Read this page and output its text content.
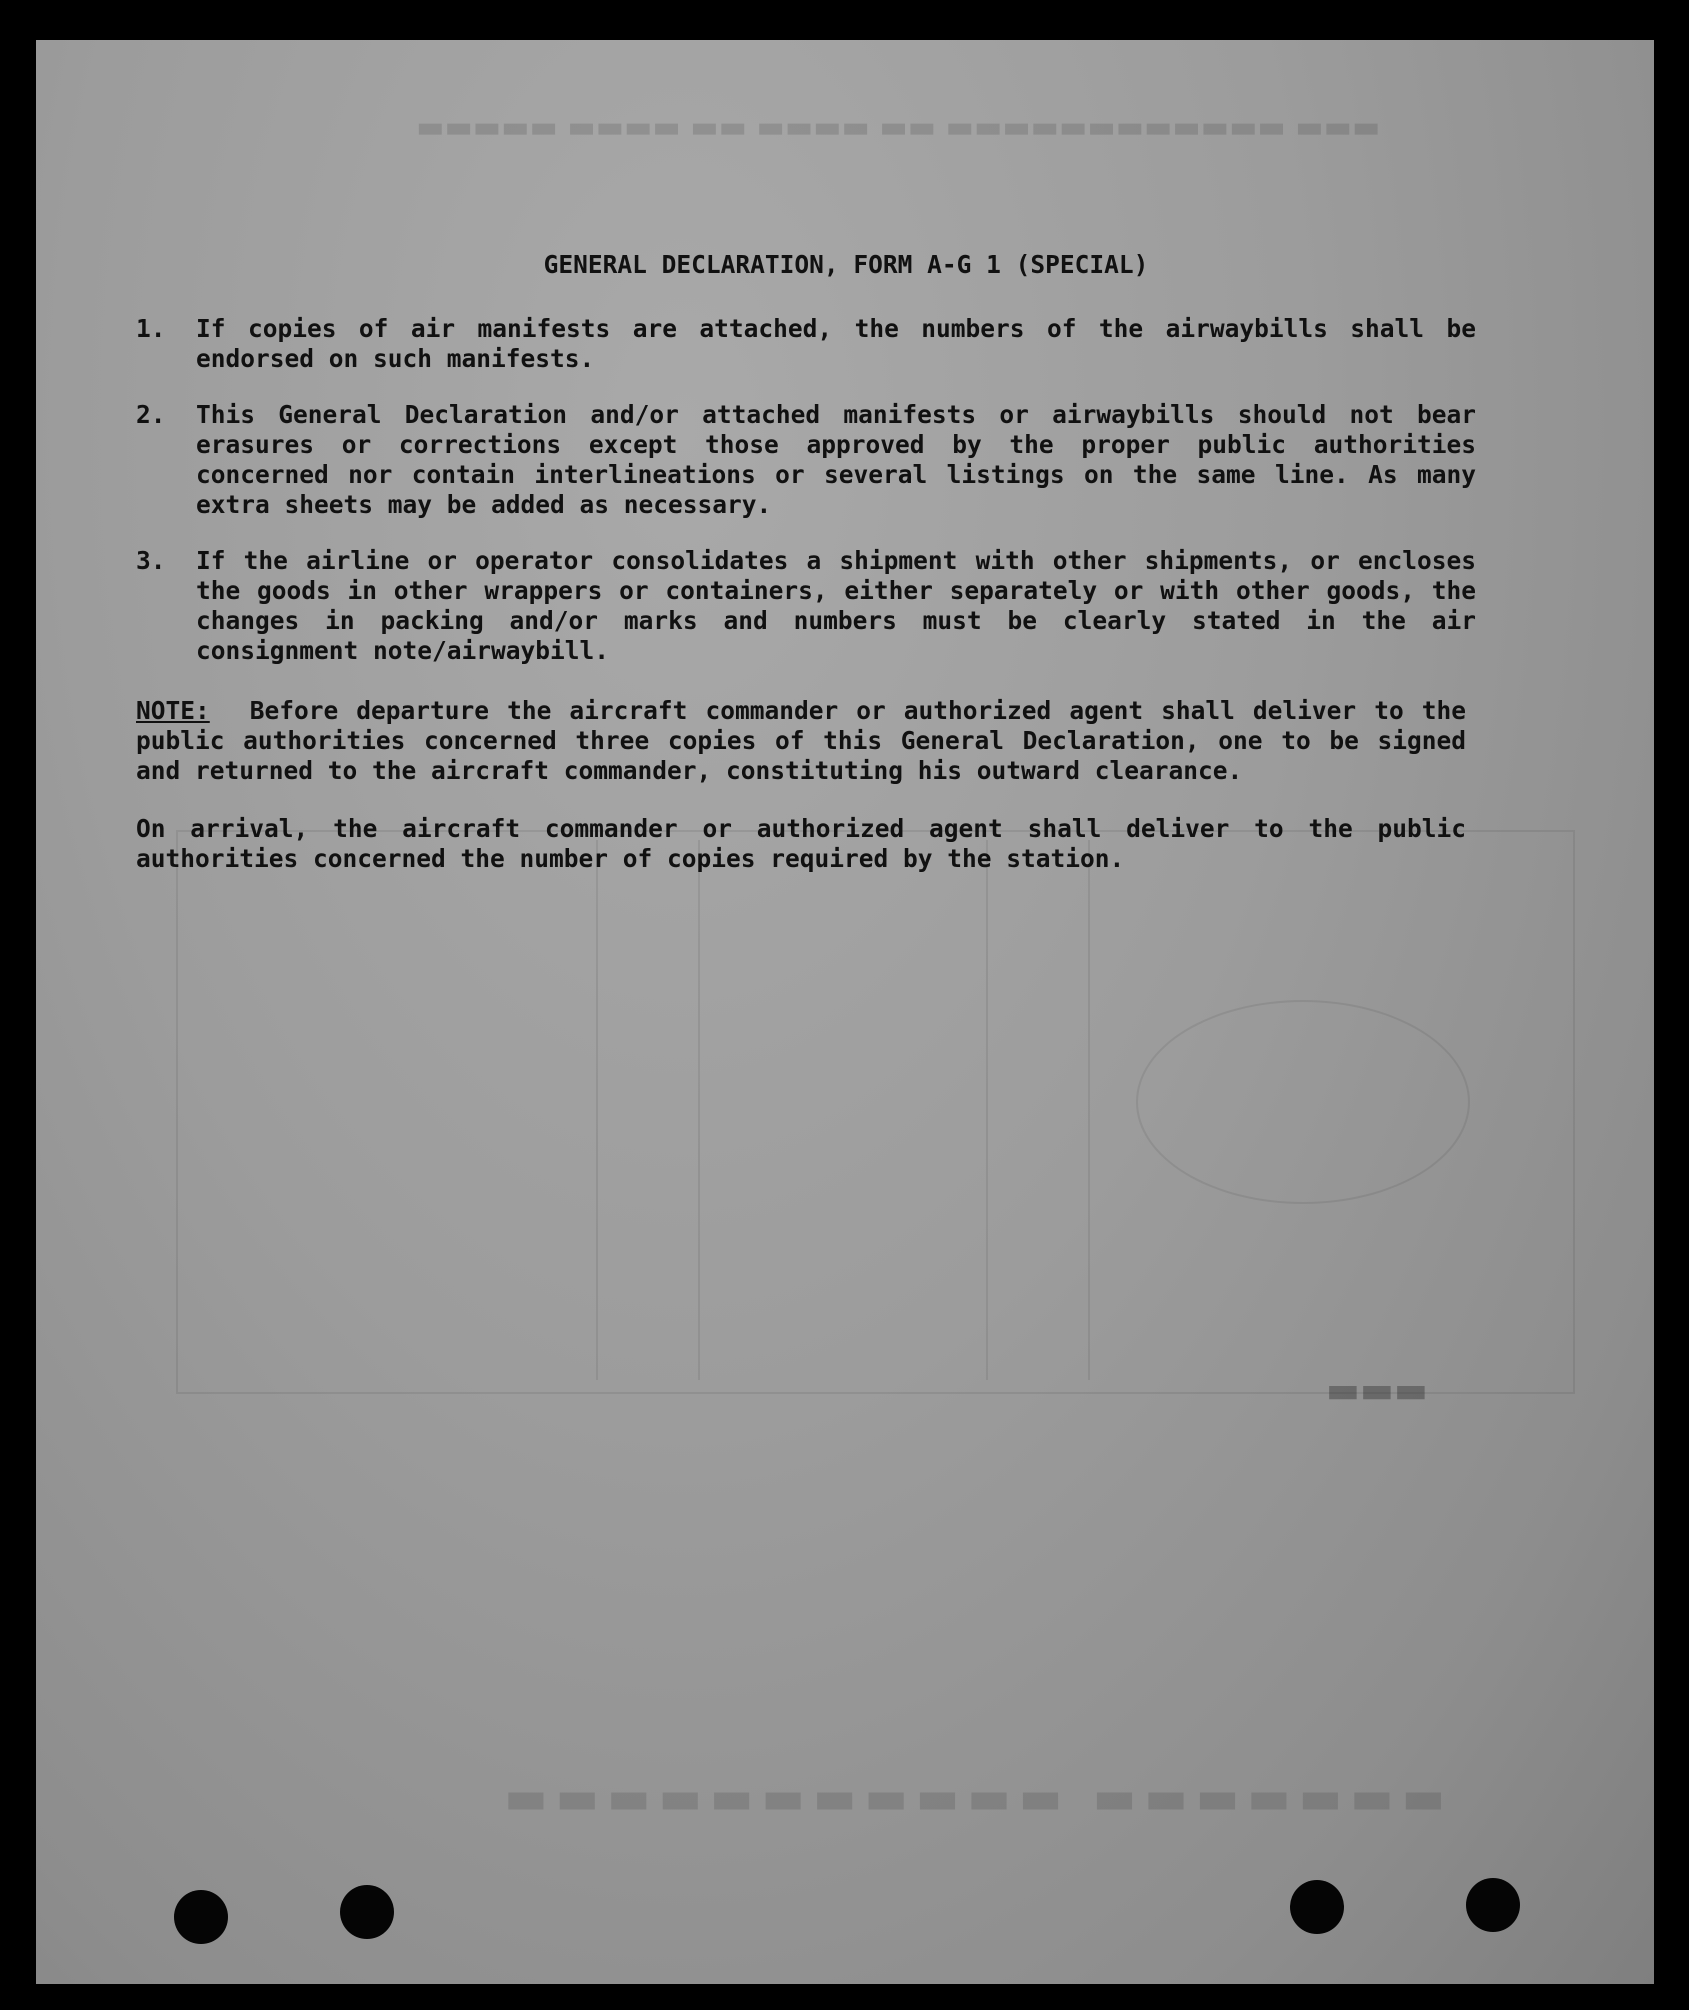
▬▬▬ ▬▬▬▬▬▬▬▬▬▬▬▬ ▬▬ ▬▬▬▬ ▬▬ ▬▬▬▬ ▬▬▬▬▬
▬▬▬▬▬▬▬ ▬▬▬▬▬▬▬▬▬▬▬
▬▬▬
GENERAL DECLARATION, FORM A-G 1 (SPECIAL)
1.	If copies of air manifests are attached, the numbers of the airwaybills shall be endorsed on such manifests.
2.	This General Declaration and/or attached manifests or airwaybills should not bear erasures or corrections except those approved by the proper public authorities concerned nor contain interlineations or several listings on the same line. As many extra sheets may be added as necessary.
3.	If the airline or operator consolidates a shipment with other shipments, or encloses the goods in other wrappers or containers, either separately or with other goods, the changes in packing and/or marks and numbers must be clearly stated in the air consignment note/airwaybill.
NOTE: Before departure the aircraft commander or authorized agent shall deliver to the public authorities concerned three copies of this General Declaration, one to be signed and returned to the aircraft commander, constituting his outward clearance.
On arrival, the aircraft commander or authorized agent shall deliver to the public authorities concerned the number of copies required by the station.
